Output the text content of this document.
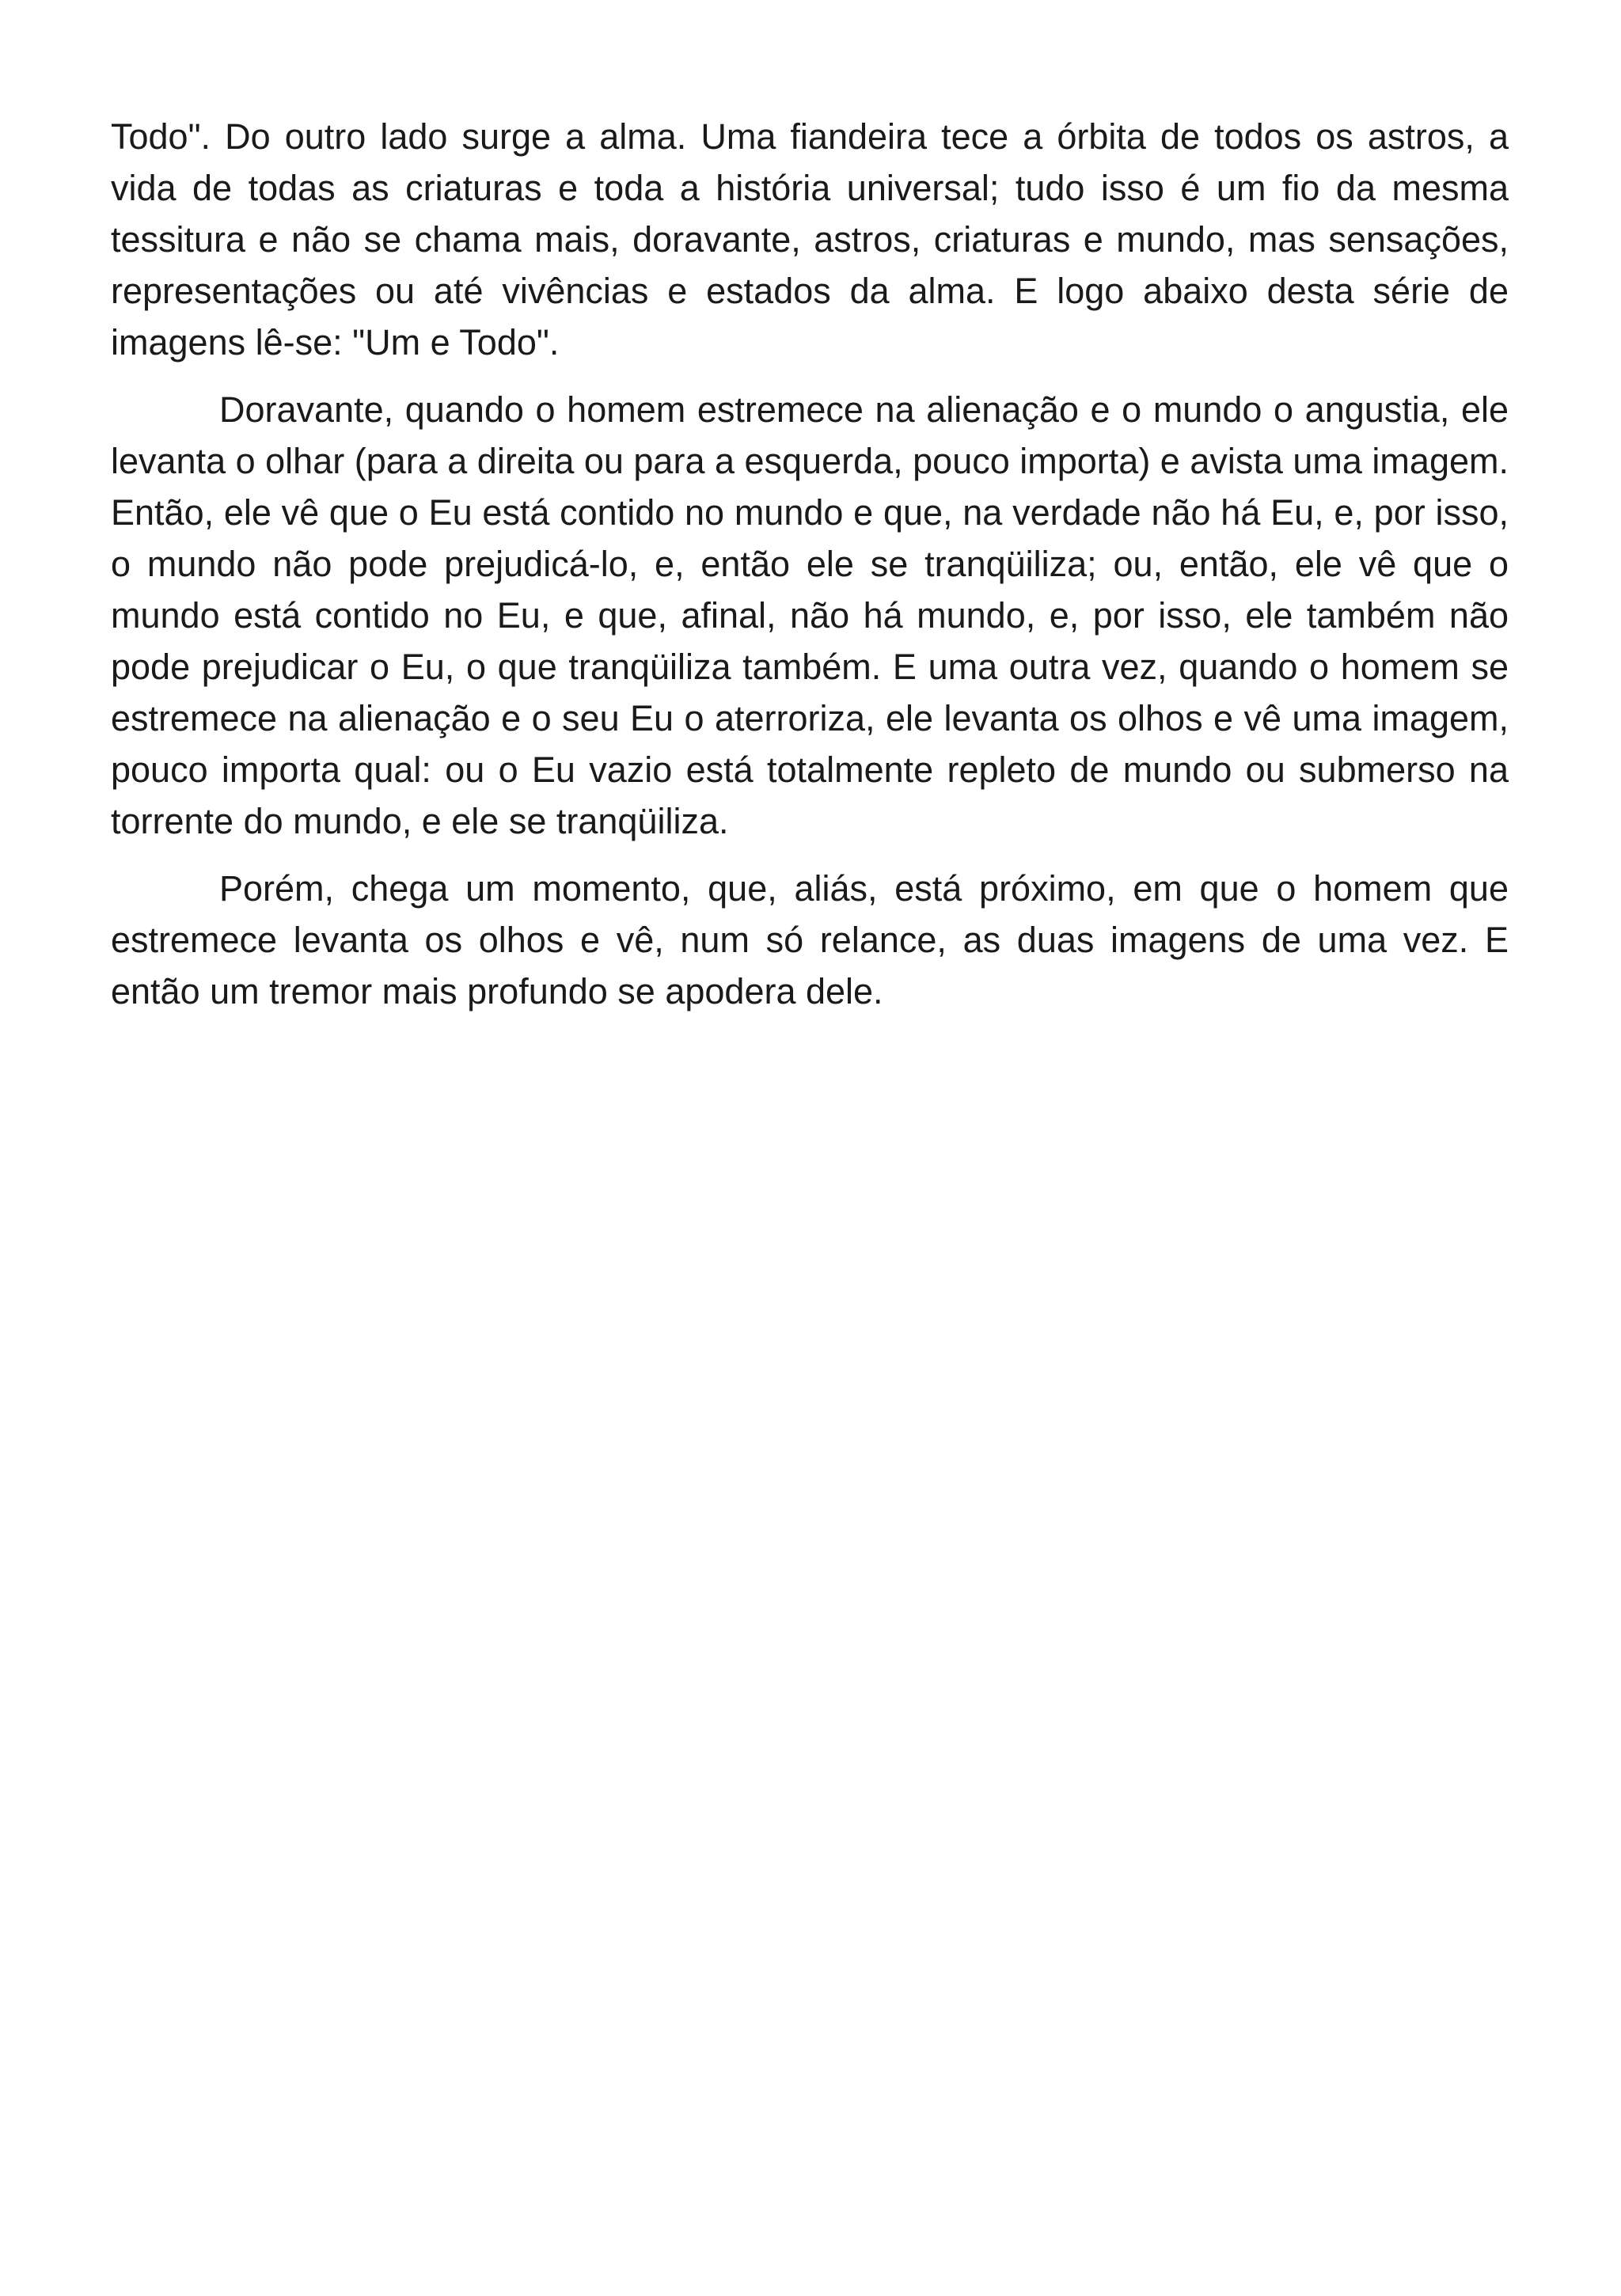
Todo". Do outro lado surge a alma. Uma fiandeira tece a órbita de todos os astros, a vida de todas as criaturas e toda a história universal; tudo isso é um fio da mesma tessitura e não se chama mais, doravante, astros, criaturas e mundo, mas sensações, representações ou até vivências e estados da alma. E logo abaixo desta série de imagens lê-se: "Um e Todo".

Doravante, quando o homem estremece na alienação e o mundo o angustia, ele levanta o olhar (para a direita ou para a esquerda, pouco importa) e avista uma imagem. Então, ele vê que o Eu está contido no mundo e que, na verdade não há Eu, e, por isso, o mundo não pode prejudicá-lo, e, então ele se tranqüiliza; ou, então, ele vê que o mundo está contido no Eu, e que, afinal, não há mundo, e, por isso, ele também não pode prejudicar o Eu, o que tranqüiliza também. E uma outra vez, quando o homem se estremece na alienação e o seu Eu o aterroriza, ele levanta os olhos e vê uma imagem, pouco importa qual: ou o Eu vazio está totalmente repleto de mundo ou submerso na torrente do mundo, e ele se tranqüiliza.

Porém, chega um momento, que, aliás, está próximo, em que o homem que estremece levanta os olhos e vê, num só relance, as duas imagens de uma vez. E então um tremor mais profundo se apodera dele.
